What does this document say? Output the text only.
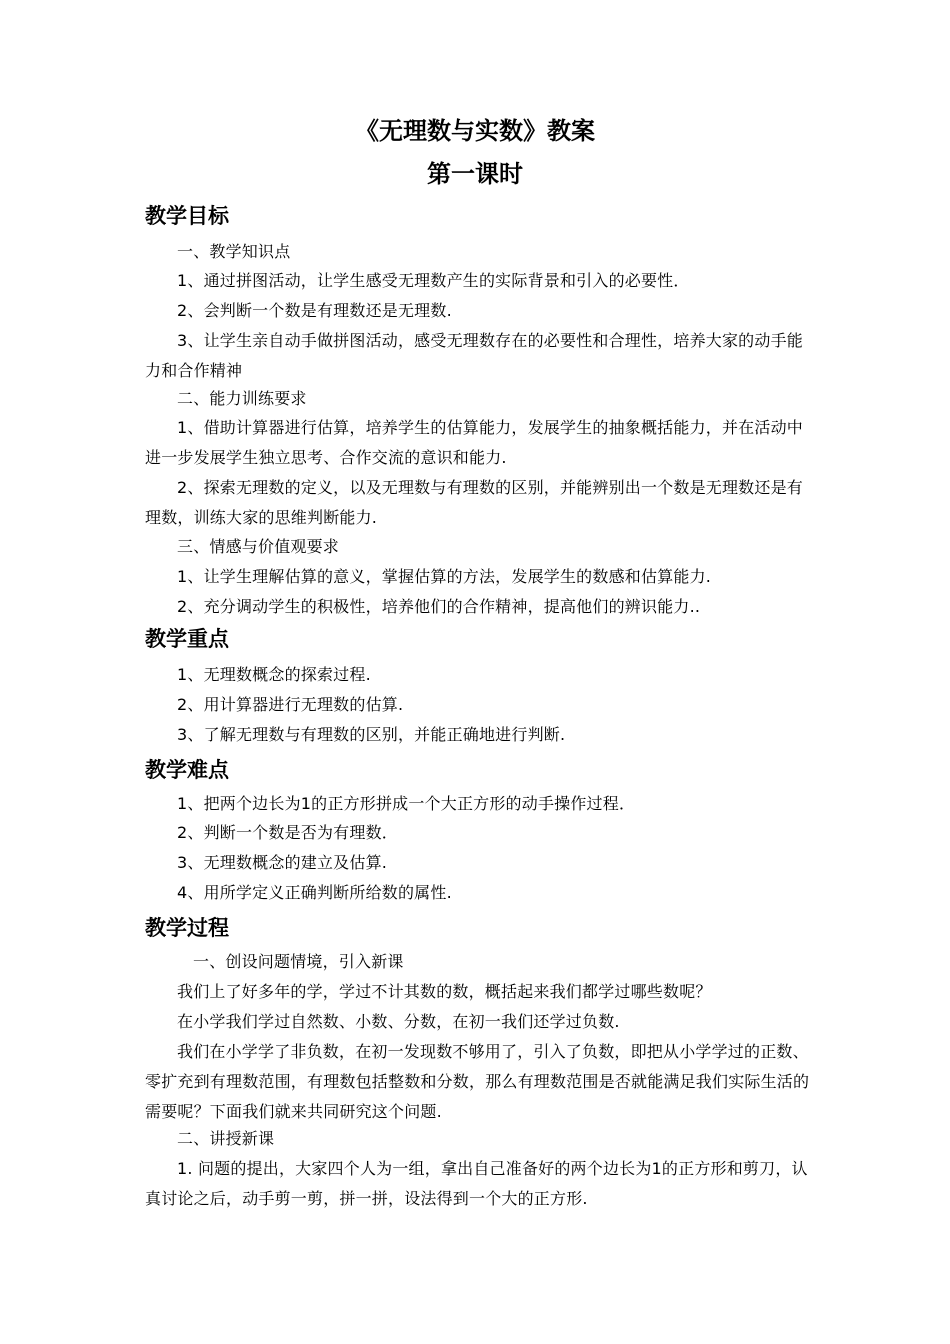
《无理数与实数》教案
第一课时
教学目标

一、教学知识点

1、通过拼图活动，让学生感受无理数产生的实际背景和引入的必要性．

2、会判断一个数是有理数还是无理数.

3、让学生亲自动手做拼图活动，感受无理数存在的必要性和合理性，培养大家的动手能力和合作精神

二、能力训练要求

1、借助计算器进行估算，培养学生的估算能力，发展学生的抽象概括能力，并在活动中进一步发展学生独立思考、合作交流的意识和能力.

2、探索无理数的定义，以及无理数与有理数的区别，并能辨别出一个数是无理数还是有理数，训练大家的思维判断能力.

三、情感与价值观要求

1、让学生理解估算的意义，掌握估算的方法，发展学生的数感和估算能力.

2、充分调动学生的积极性，培养他们的合作精神，提高他们的辨识能力..

教学重点

1、无理数概念的探索过程.

2、用计算器进行无理数的估算.

3、了解无理数与有理数的区别，并能正确地进行判断.

教学难点

1、把两个边长为1的正方形拼成一个大正方形的动手操作过程．

2、判断一个数是否为有理数．

3、无理数概念的建立及估算.

4、用所学定义正确判断所给数的属性.

教学过程

一、创设问题情境，引入新课

我们上了好多年的学，学过不计其数的数，概括起来我们都学过哪些数呢？

在小学我们学过自然数、小数、分数，在初一我们还学过负数.

我们在小学学了非负数，在初一发现数不够用了，引入了负数，即把从小学学过的正数、零扩充到有理数范围，有理数包括整数和分数，那么有理数范围是否就能满足我们实际生活的需要呢？下面我们就来共同研究这个问题.

二、讲授新课

1. 问题的提出，大家四个人为一组，拿出自己准备好的两个边长为1的正方形和剪刀，认真讨论之后，动手剪一剪，拼一拼，设法得到一个大的正方形.
